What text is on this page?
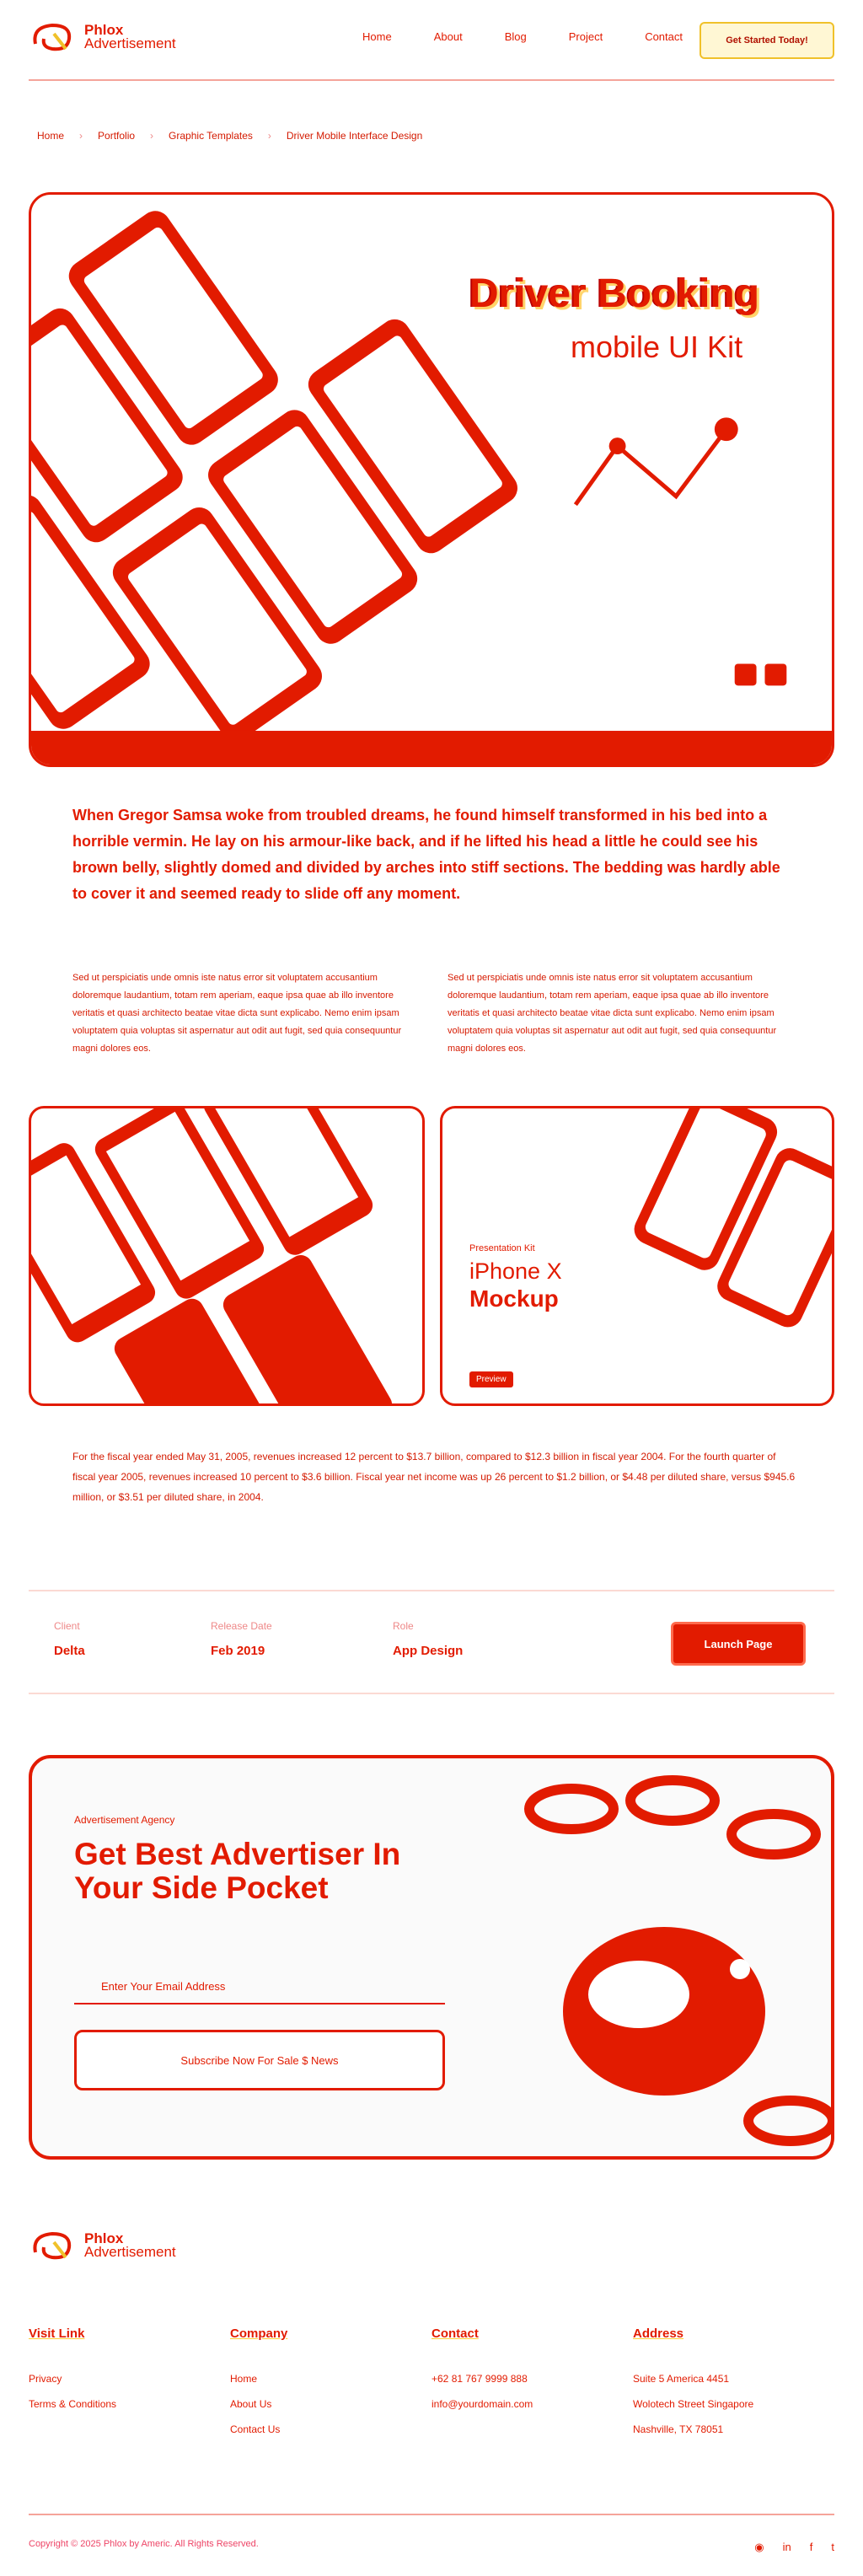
Phlox
Advertisement	Home	About	Blog	Project	Contact	Get Started Today!
Home › Portfolio › Graphic Templates › Driver Mobile Interface Design
Driver Booking
mobile UI Kit

When Gregor Samsa woke from troubled dreams, he found himself transformed in his bed into a horrible vermin. He lay on his armour-like back, and if he lifted his head a little he could see his brown belly, slightly domed and divided by arches into stiff sections. The bedding was hardly able to cover it and seemed ready to slide off any moment.

Sed ut perspiciatis unde omnis iste natus error sit voluptatem accusantium doloremque laudantium, totam rem aperiam, eaque ipsa quae ab illo inventore veritatis et quasi architecto beatae vitae dicta sunt explicabo. Nemo enim ipsam voluptatem quia voluptas sit aspernatur aut odit aut fugit, sed quia consequuntur magni dolores eos.

Sed ut perspiciatis unde omnis iste natus error sit voluptatem accusantium doloremque laudantium, totam rem aperiam, eaque ipsa quae ab illo inventore veritatis et quasi architecto beatae vitae dicta sunt explicabo. Nemo enim ipsam voluptatem quia voluptas sit aspernatur aut odit aut fugit, sed quia consequuntur magni dolores eos.

Presentation Kit
iPhone X
Mockup
Preview

For the fiscal year ended May 31, 2005, revenues increased 12 percent to $13.7 billion, compared to $12.3 billion in fiscal year 2004. For the fourth quarter of fiscal year 2005, revenues increased 10 percent to $3.6 billion. Fiscal year net income was up 26 percent to $1.2 billion, or $4.48 per diluted share, versus $945.6 million, or $3.51 per diluted share, in 2004.

Client
Delta
Release Date
Feb 2019
Role
App Design	Launch Page
Advertisement Agency
Get Best Advertiser In Your Side Pocket
Enter Your Email Address
Subscribe Now For Sale $ News
Phlox
Advertisement
Visit Link
Privacy
Terms & Conditions
Company
Home
About Us
Contact Us
Contact
+62 81 767 9999 888
info@yourdomain.com
Address
Suite 5 America 4451
Wolotech Street Singapore
Nashville, TX 78051
Copyright © 2025 Phlox by Americ. All Rights Reserved.	◉ in f t
